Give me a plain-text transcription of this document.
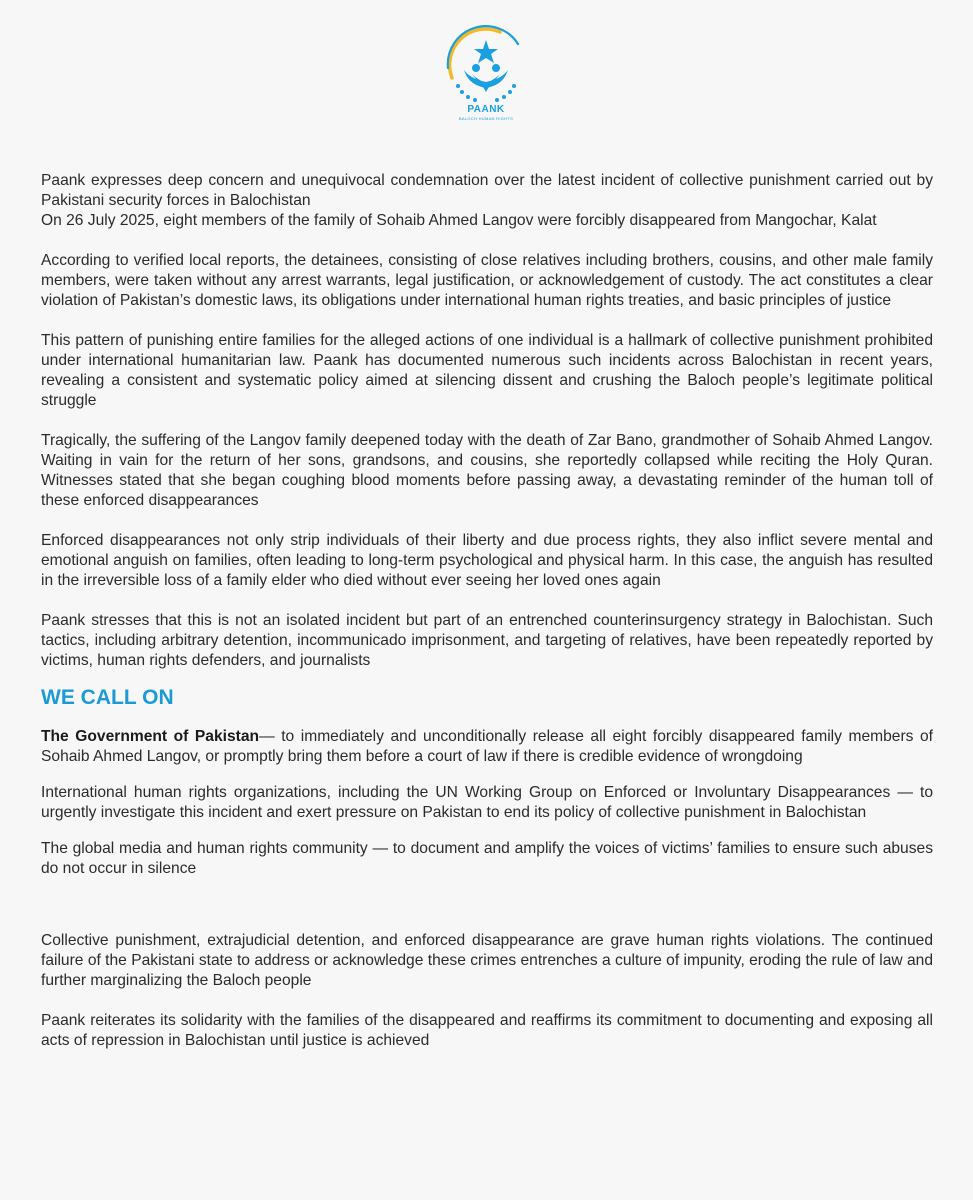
PAANK
BALOCH HUMAN RIGHTS

Paank expresses deep concern and unequivocal condemnation over the latest incident of collective punishment carried out by Pakistani security forces in Balochistan

On 26 July 2025, eight members of the family of Sohaib Ahmed Langov were forcibly disappeared from Mangochar, Kalat

According to verified local reports, the detainees, consisting of close relatives including brothers, cousins, and other male family members, were taken without any arrest warrants, legal justification, or acknowledgement of custody. The act constitutes a clear violation of Pakistan’s domestic laws, its obligations under international human rights treaties, and basic principles of justice

This pattern of punishing entire families for the alleged actions of one individual is a hallmark of collective punishment prohibited under international humanitarian law. Paank has documented numerous such incidents across Balochistan in recent years, revealing a consistent and systematic policy aimed at silencing dissent and crushing the Baloch people’s legitimate political struggle

Tragically, the suffering of the Langov family deepened today with the death of Zar Bano, grandmother of Sohaib Ahmed Langov. Waiting in vain for the return of her sons, grandsons, and cousins, she reportedly collapsed while reciting the Holy Quran. Witnesses stated that she began coughing blood moments before passing away, a devastating reminder of the human toll of these enforced disappearances

Enforced disappearances not only strip individuals of their liberty and due process rights, they also inflict severe mental and emotional anguish on families, often leading to long-term psychological and physical harm. In this case, the anguish has resulted in the irreversible loss of a family elder who died without ever seeing her loved ones again

Paank stresses that this is not an isolated incident but part of an entrenched counterinsurgency strategy in Balochistan. Such tactics, including arbitrary detention, incommunicado imprisonment, and targeting of relatives, have been repeatedly reported by victims, human rights defenders, and journalists

WE CALL ON

The Government of Pakistan— to immediately and unconditionally release all eight forcibly disappeared family members of Sohaib Ahmed Langov, or promptly bring them before a court of law if there is credible evidence of wrongdoing

International human rights organizations, including the UN Working Group on Enforced or Involuntary Disappearances — to urgently investigate this incident and exert pressure on Pakistan to end its policy of collective punishment in Balochistan

The global media and human rights community — to document and amplify the voices of victims’ families to ensure such abuses do not occur in silence

Collective punishment, extrajudicial detention, and enforced disappearance are grave human rights violations. The continued failure of the Pakistani state to address or acknowledge these crimes entrenches a culture of impunity, eroding the rule of law and further marginalizing the Baloch people

Paank reiterates its solidarity with the families of the disappeared and reaffirms its commitment to documenting and exposing all acts of repression in Balochistan until justice is achieved
